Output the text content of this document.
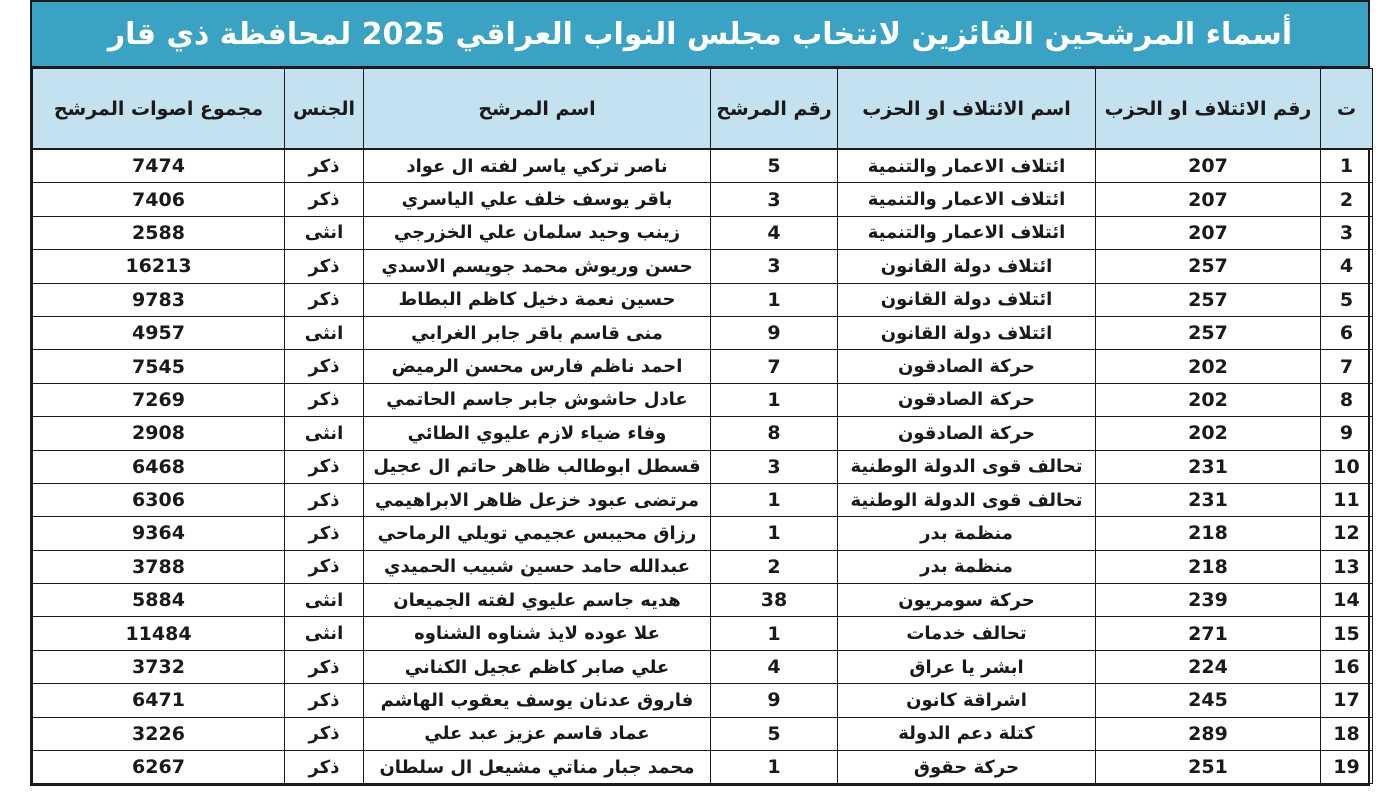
أسماء المرشحين الفائزين لانتخاب مجلس النواب العراقي 2025 لمحافظة ذي قار
ت	رقم الائتلاف او الحزب	اسم الائتلاف او الحزب	رقم المرشح	اسم المرشح	الجنس	مجموع اصوات المرشح
1	207	ائتلاف الاعمار والتنمية	5	ناصر تركي ياسر لفته ال عواد	ذكر	7474
2	207	ائتلاف الاعمار والتنمية	3	باقر يوسف خلف علي الياسري	ذكر	7406
3	207	ائتلاف الاعمار والتنمية	4	زينب وحيد سلمان علي الخزرجي	انثى	2588
4	257	ائتلاف دولة القانون	3	حسن وريوش محمد جويسم الاسدي	ذكر	16213
5	257	ائتلاف دولة القانون	1	حسين نعمة دخيل كاظم البطاط	ذكر	9783
6	257	ائتلاف دولة القانون	9	منى قاسم باقر جابر الغرابي	انثى	4957
7	202	حركة الصادقون	7	احمد ناظم فارس محسن الرميض	ذكر	7545
8	202	حركة الصادقون	1	عادل حاشوش جابر جاسم الحاتمي	ذكر	7269
9	202	حركة الصادقون	8	وفاء ضياء لازم عليوي الطائي	انثى	2908
10	231	تحالف قوى الدولة الوطنية	3	قسطل ابوطالب ظاهر حاتم ال عجيل	ذكر	6468
11	231	تحالف قوى الدولة الوطنية	1	مرتضى عبود خزعل ظاهر الابراهيمي	ذكر	6306
12	218	منظمة بدر	1	رزاق محيبس عجيمي تويلي الرماحي	ذكر	9364
13	218	منظمة بدر	2	عبدالله حامد حسين شبيب الحميدي	ذكر	3788
14	239	حركة سومريون	38	هديه جاسم عليوي لفته الجميعان	انثى	5884
15	271	تحالف خدمات	1	علا عوده لايذ شناوه الشناوه	انثى	11484
16	224	ابشر يا عراق	4	علي صابر كاظم عجيل الكناني	ذكر	3732
17	245	اشراقة كانون	9	فاروق عدنان يوسف يعقوب الهاشم	ذكر	6471
18	289	كتلة دعم الدولة	5	عماد قاسم عزيز عبد علي	ذكر	3226
19	251	حركة حقوق	1	محمد جبار مناتي مشيعل ال سلطان	ذكر	6267
